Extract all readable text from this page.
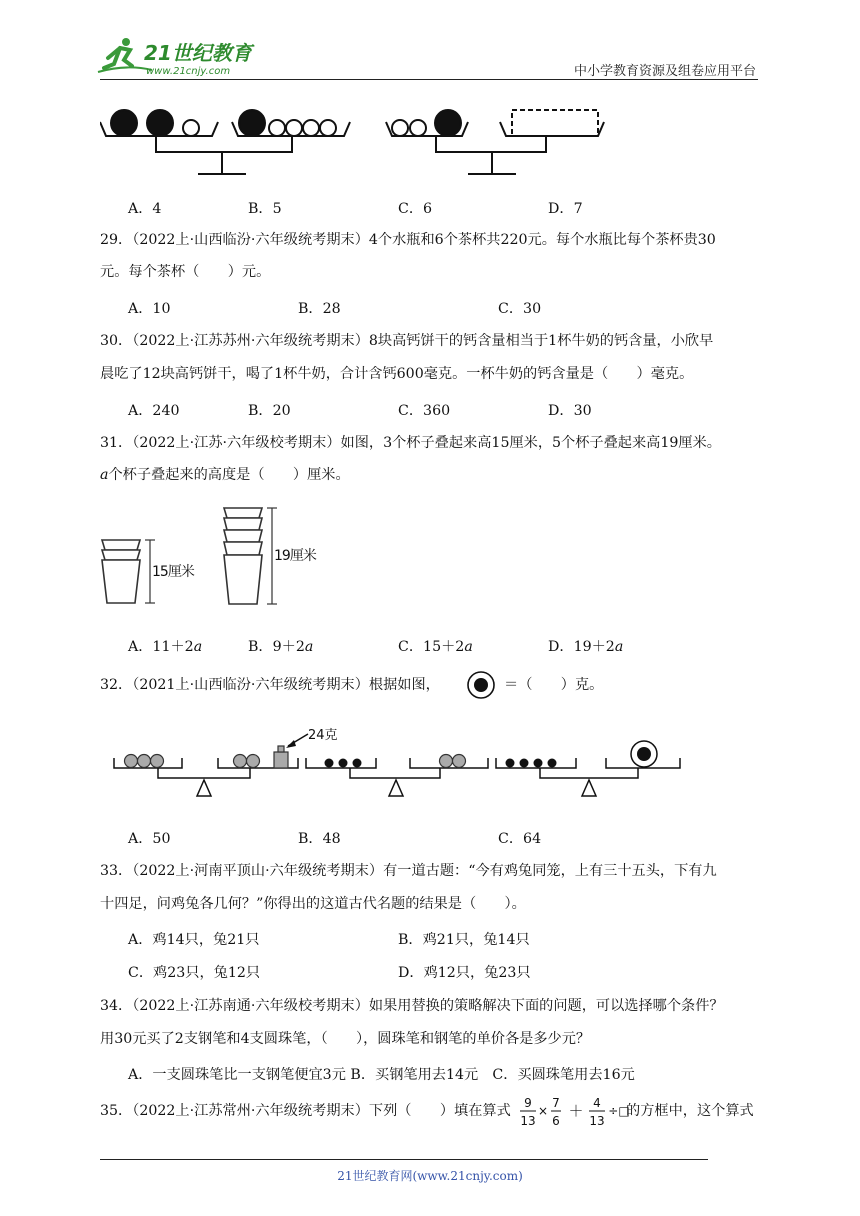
21世纪教育
www.21cnjy.com	中小学教育资源及组卷应用平台
A．4	B．5	C．6	D．7
29．（2022上·山西临汾·六年级统考期末）4个水瓶和6个茶杯共220元。每个水瓶比每个茶杯贵30
元。每个茶杯（　　）元。
A．10	B．28	C．30
30．（2022上·江苏苏州·六年级统考期末）8块高钙饼干的钙含量相当于1杯牛奶的钙含量，小欣早
晨吃了12块高钙饼干，喝了1杯牛奶，合计含钙600毫克。一杯牛奶的钙含量是（　　）毫克。
A．240	B．20	C．360	D．30
31．（2022上·江苏·六年级校考期末）如图，3个杯子叠起来高15厘米，5个杯子叠起来高19厘米。
a个杯子叠起来的高度是（　　）厘米。
15厘米
19厘米
A．11＋2a	B．9＋2a	C．15＋2a	D．19＋2a
32．（2021上·山西临汾·六年级统考期末）根据如图，	＝（　　）克。
24克
A．50	B．48	C．64
33．（2022上·河南平顶山·六年级统考期末）有一道古题：“今有鸡兔同笼，上有三十五头，下有九
十四足，问鸡兔各几何？”你得出的这道古代名题的结果是（　　）。
A．鸡14只，兔21只	B．鸡21只，兔14只
C．鸡23只，兔12只	D．鸡12只，兔23只
34．（2022上·江苏南通·六年级校考期末）如果用替换的策略解决下面的问题，可以选择哪个条件？
用30元买了2支钢笔和4支圆珠笔，（　　），圆珠笔和钢笔的单价各是多少元？
A．一支圆珠笔比一支钢笔便宜3元 B．买钢笔用去14元　C．买圆珠笔用去16元
35．（2022上·江苏常州·六年级统考期末）下列（　　）填在算式 9
13
×
7
6
＋ 4
13
÷□
的方框中，这个算式
21世纪教育网(www.21cnjy.com)
